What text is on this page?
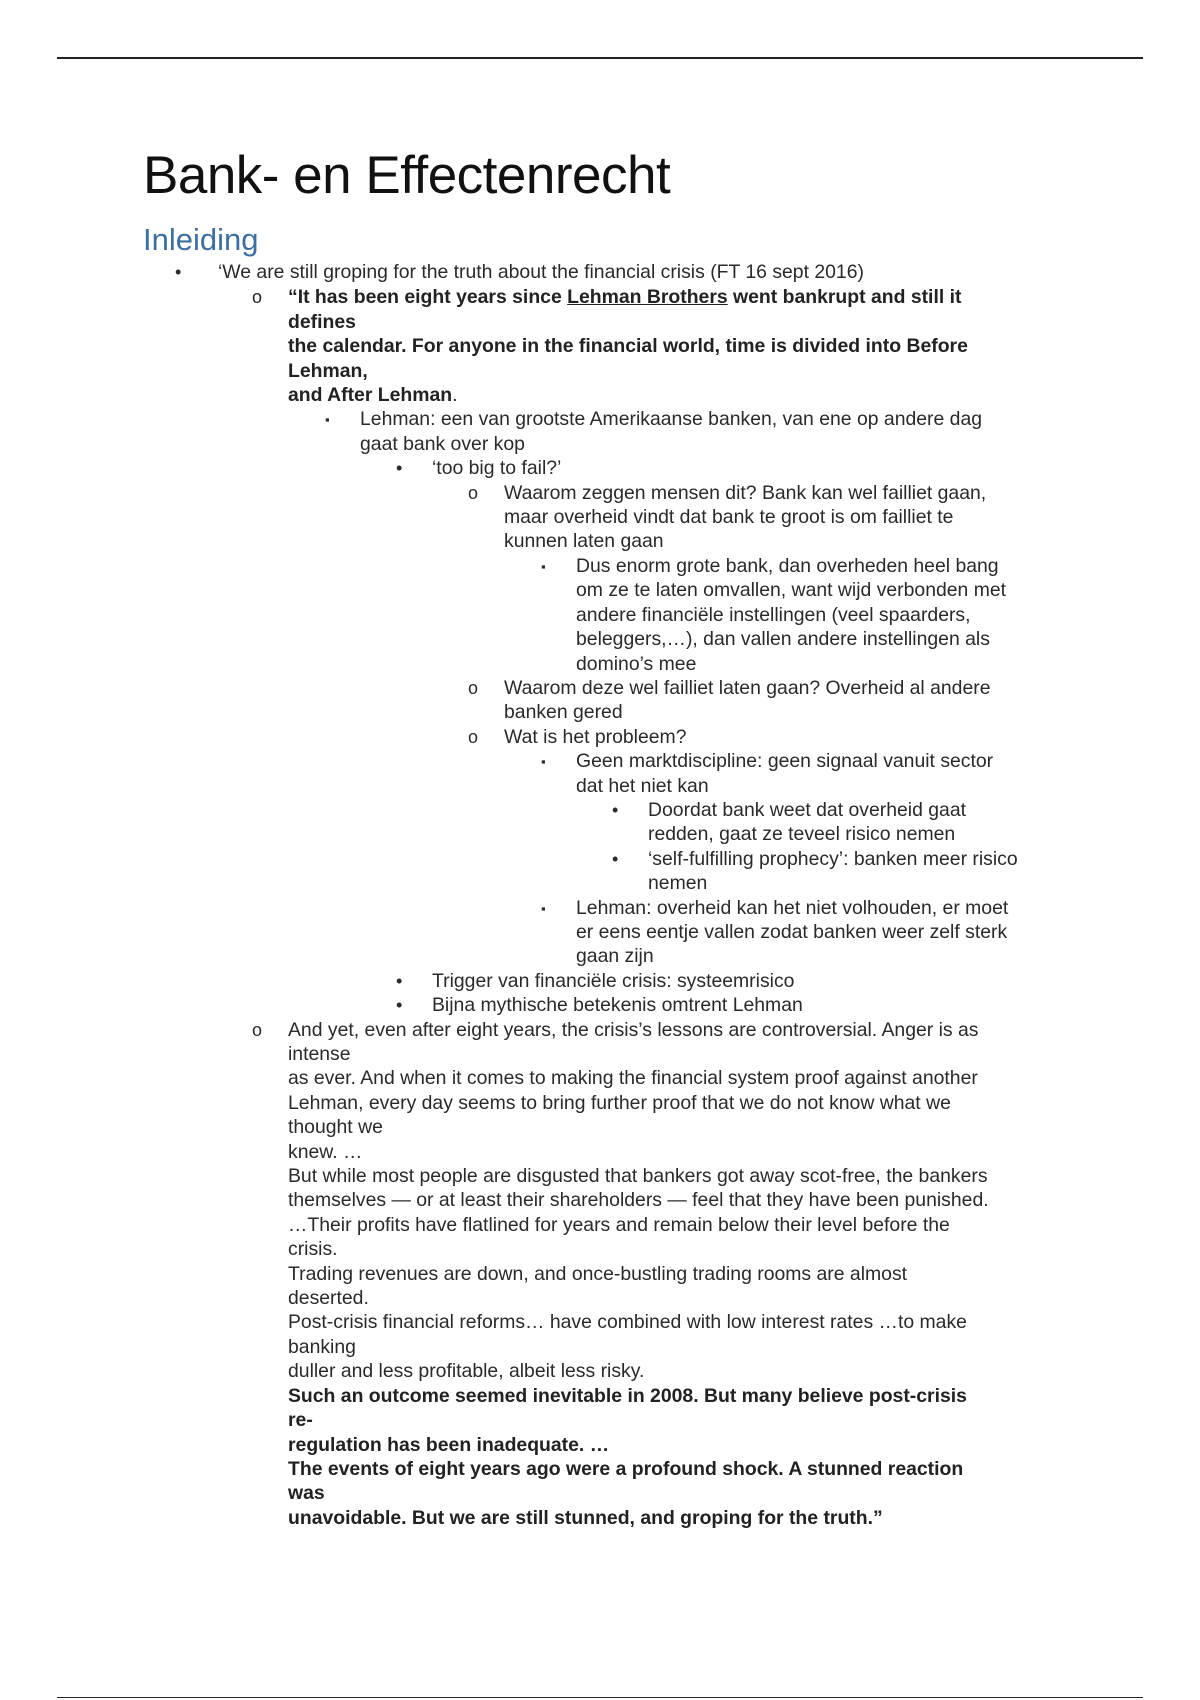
Bank- en Effectenrecht
Inleiding
• ‘We are still groping for the truth about the financial crisis (FT 16 sept 2016)
o “It has been eight years since Lehman Brothers went bankrupt and still it
defines
the calendar. For anyone in the financial world, time is divided into Before
Lehman,
and After Lehman.
▪ Lehman: een van grootste Amerikaanse banken, van ene op andere dag
gaat bank over kop
• ‘too big to fail?’
o Waarom zeggen mensen dit? Bank kan wel failliet gaan,
maar overheid vindt dat bank te groot is om failliet te
kunnen laten gaan
▪ Dus enorm grote bank, dan overheden heel bang
om ze te laten omvallen, want wijd verbonden met
andere financiële instellingen (veel spaarders,
beleggers,…), dan vallen andere instellingen als
domino’s mee
o Waarom deze wel failliet laten gaan? Overheid al andere
banken gered
o Wat is het probleem?
▪ Geen marktdiscipline: geen signaal vanuit sector
dat het niet kan
• Doordat bank weet dat overheid gaat
redden, gaat ze teveel risico nemen
• ‘self-fulfilling prophecy’: banken meer risico
nemen
▪ Lehman: overheid kan het niet volhouden, er moet
er eens eentje vallen zodat banken weer zelf sterk
gaan zijn
• Trigger van financiële crisis: systeemrisico
• Bijna mythische betekenis omtrent Lehman
o And yet, even after eight years, the crisis’s lessons are controversial. Anger is as
intense
as ever. And when it comes to making the financial system proof against another
Lehman, every day seems to bring further proof that we do not know what we
thought we
knew. …
But while most people are disgusted that bankers got away scot-free, the bankers
themselves — or at least their shareholders — feel that they have been punished.
…Their profits have flatlined for years and remain below their level before the
crisis.
Trading revenues are down, and once-bustling trading rooms are almost
deserted.
Post-crisis financial reforms… have combined with low interest rates …to make
banking
duller and less profitable, albeit less risky.
Such an outcome seemed inevitable in 2008. But many believe post-crisis
re-
regulation has been inadequate. …
The events of eight years ago were a profound shock. A stunned reaction
was
unavoidable. But we are still stunned, and groping for the truth.”
